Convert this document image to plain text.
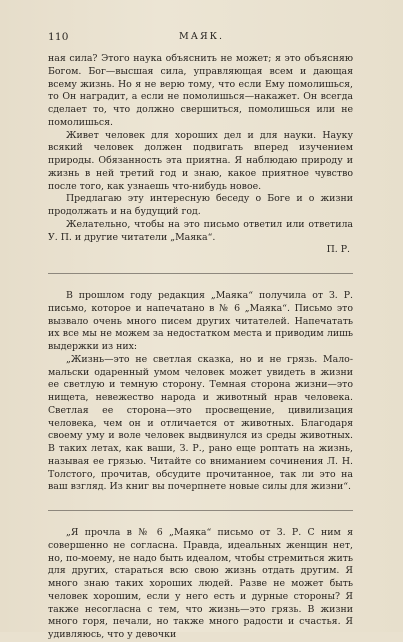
110	МАЯК.

ная сила? Этого наука объяснить не может; я это объясняю Богом. Бог—высшая сила, управляющая всем и дающая всему жизнь. Но я не верю тому, что если Ему помолишься, то Он наградит, а если не помолишься—накажет. Он всегда сделает то, что должно свершиться, помолишься или не помолишься.

Живет человек для хороших дел и для науки. Науку всякий человек должен подвигать вперед изучением природы. Обязанность эта приятна. Я наблюдаю природу и жизнь в ней третий год и знаю, какое приятное чувство после того, как узнаешь что-нибудь новое.

Предлагаю эту интересную беседу о Боге и о жизни продолжать и на будущий год.

Желательно, чтобы на это письмо ответил или ответила У. П. и другие читатели „Маяка“.

П. Р.

В прошлом году редакция „Маяка“ получила от З. Р. письмо, которое и напечатано в № 6 „Маяка“. Письмо это вызвало очень много писем других читателей. Напечатать их все мы не можем за недостатком места и приводим лишь выдержки из них:

„Жизнь—это не светлая сказка, но и не грязь. Мало-мальски одаренный умом человек может увидеть в жизни ее светлую и темную сторону. Темная сторона жизни—это нищета, невежество народа и животный нрав человека. Светлая ее сторона—это просвещение, цивилизация человека, чем он и отличается от животных. Благодаря своему уму и воле человек выдвинулся из среды животных. В таких летах, как ваши, З. Р., рано еще роптать на жизнь, называя ее грязью. Читайте со вниманием сочинения Л. Н. Толстого, прочитав, обсудите прочитанное, так ли это на ваш взгляд. Из книг вы почерпнете новые силы для жизни“.

„Я прочла в № 6 „Маяка“ письмо от З. Р. С ним я совершенно не согласна. Правда, идеальных женщин нет, но, по-моему, не надо быть идеалом, чтобы стремиться жить для других, стараться всю свою жизнь отдать другим. Я много знаю таких хороших людей. Разве не может быть человек хорошим, если у него есть и дурные стороны? Я также несогласна с тем, что жизнь—это грязь. В жизни много горя, печали, но также много радости и счастья. Я удивляюсь, что у девочки
